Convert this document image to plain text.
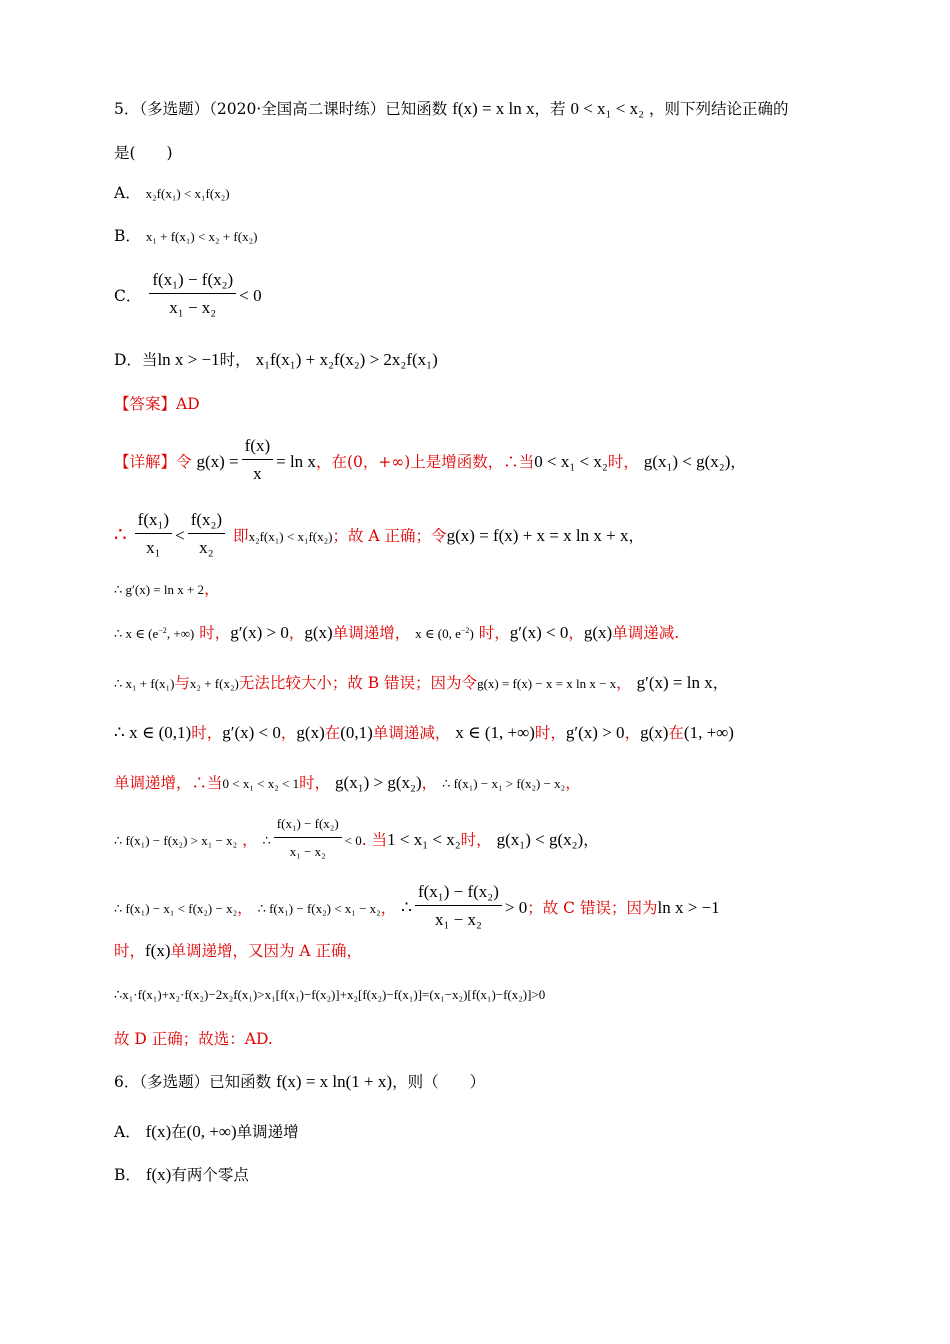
5．（多选题）（2020·全国高二课时练）已知函数 f(x) = x ln x，若 0 < x₁ < x₂ ，则下列结论正确的
是(　　)
A． x₂f(x₁) < x₁f(x₂)
B． x₁ + f(x₁) < x₂ + f(x₂)
C． $\frac{\text{f(x₁) − f(x₂)}}{\text{x₁ − x₂}} < 0$
D．当ln x > −1时， x₁f(x₁) + x₂f(x₂) > 2x₂f(x₁)
【答案】AD
【详解】令 $g(x) = \frac{f(x)}{x} = \ln x$，在(0，+∞)上是增函数，∴当0 < x₁ < x₂时， g(x₁) < g(x₂)，
∴ $\frac{\text{f(x₁)}}{\text{x₁}} < \frac{\text{f(x₂)}}{\text{x₂}}$ 即x₂f(x₁) < x₁f(x₂)；故 A 正确；令g(x) = f(x) + x = x ln x + x，
∴ g′(x) = ln x + 2，
∴ x ∈ ($e^{-2}$, +∞) 时，g′(x) > 0，g(x)单调递增， x ∈ (0, $e^{-2}$) 时，g′(x) < 0，g(x)单调递减.
∴ x₁ + f(x₁)与x₂ + f(x₂)无法比较大小；故 B 错误；因为令g(x) = f(x) − x = x ln x − x， g′(x) = ln x，
∴ x ∈ (0,1)时，g′(x) < 0，g(x)在(0,1)单调递减， x ∈ (1, +∞)时，g′(x) > 0，g(x)在(1, +∞)
单调递增，∴当0 < x₁ < x₂ < 1时， g(x₁) > g(x₂)， ∴ f(x₁) − x₁ > f(x₂) − x₂，
∴ f(x₁) − f(x₂) > x₁ − x₂ ， ∴ $\frac{\text{f(x₁) − f(x₂)}}{\text{x₁ − x₂}} < 0$. 当1 < x₁ < x₂时， g(x₁) < g(x₂)，
∴ f(x₁) − x₁ < f(x₂) − x₂， ∴ f(x₁) − f(x₂) < x₁ − x₂， ∴ $\frac{\text{f(x₁) − f(x₂)}}{\text{x₁ − x₂}} > 0$；故 C 错误；因为ln x > −1
时，f(x)单调递增，又因为 A 正确，
∴x₁·f(x₁)+x₂·f(x₂)−2x₂f(x₁)>x₁[f(x₁)−f(x₂)]+x₂[f(x₂)−f(x₁)]=(x₁−x₂)[f(x₁)−f(x₂)]>0
故 D 正确；故选：AD.
6．（多选题）已知函数 f(x) = x ln(1 + x)，则（　　）
A． f(x)在(0, +∞)单调递增
B． f(x)有两个零点
